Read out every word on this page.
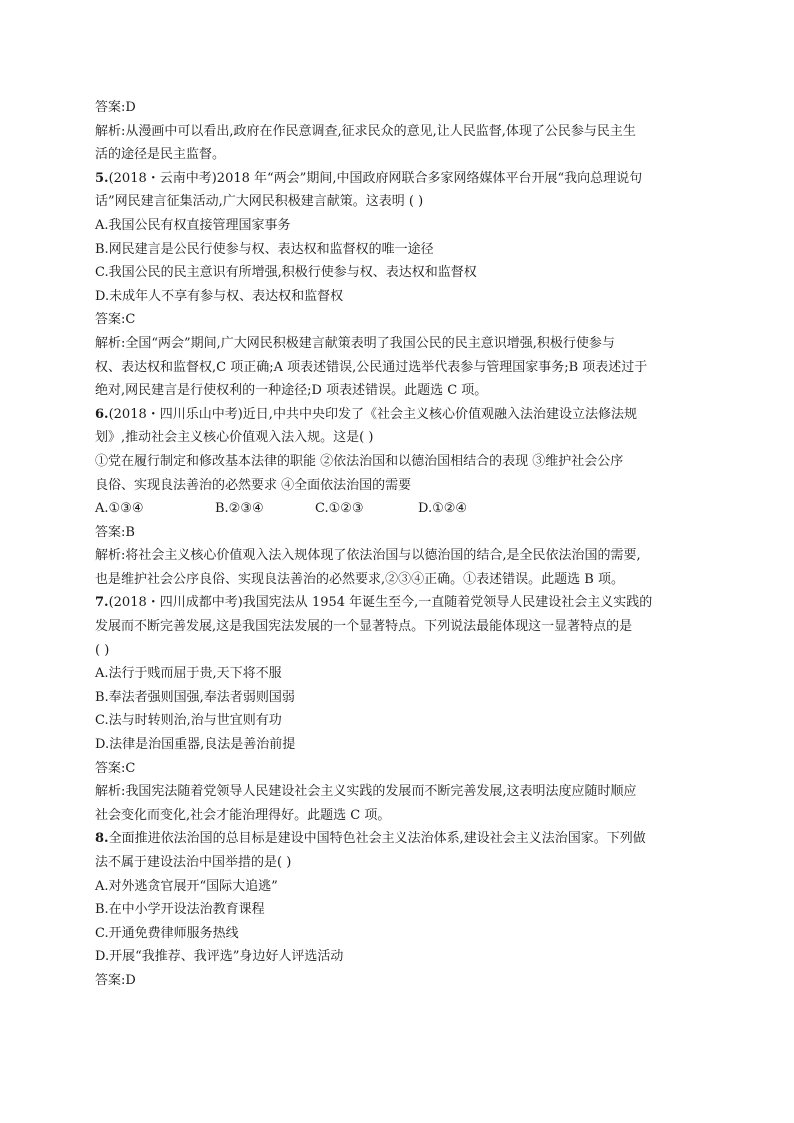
答案:D
解析:从漫画中可以看出,政府在作民意调查,征求民众的意见,让人民监督,体现了公民参与民主生
活的途径是民主监督。
5.(2018・云南中考)2018 年“两会”期间,中国政府网联合多家网络媒体平台开展“我向总理说句
话”网民建言征集活动,广大网民积极建言献策。这表明 ( )
A.我国公民有权直接管理国家事务
B.网民建言是公民行使参与权、表达权和监督权的唯一途径
C.我国公民的民主意识有所增强,积极行使参与权、表达权和监督权
D.未成年人不享有参与权、表达权和监督权
答案:C
解析:全国“两会”期间,广大网民积极建言献策表明了我国公民的民主意识增强,积极行使参与
权、表达权和监督权,C 项正确;A 项表述错误,公民通过选举代表参与管理国家事务;B 项表述过于
绝对,网民建言是行使权利的一种途径;D 项表述错误。此题选 C 项。
6.(2018・四川乐山中考)近日,中共中央印发了《社会主义核心价值观融入法治建设立法修法规
划》,推动社会主义核心价值观入法入规。这是( )
①党在履行制定和修改基本法律的职能 ②依法治国和以德治国相结合的表现 ③维护社会公序
良俗、实现良法善治的必然要求 ④全面依法治国的需要
A.①③④	B.②③④	C.①②③	D.①②④
答案:B
解析:将社会主义核心价值观入法入规体现了依法治国与以德治国的结合,是全民依法治国的需要,
也是维护社会公序良俗、实现良法善治的必然要求,②③④正确。①表述错误。此题选 B 项。
7.(2018・四川成都中考)我国宪法从 1954 年诞生至今,一直随着党领导人民建设社会主义实践的
发展而不断完善发展,这是我国宪法发展的一个显著特点。下列说法最能体现这一显著特点的是
( )
A.法行于贱而屈于贵,天下将不服
B.奉法者强则国强,奉法者弱则国弱
C.法与时转则治,治与世宜则有功
D.法律是治国重器,良法是善治前提
答案:C
解析:我国宪法随着党领导人民建设社会主义实践的发展而不断完善发展,这表明法度应随时顺应
社会变化而变化,社会才能治理得好。此题选 C 项。
8.全面推进依法治国的总目标是建设中国特色社会主义法治体系,建设社会主义法治国家。下列做
法不属于建设法治中国举措的是( )
A.对外逃贪官展开“国际大追逃”
B.在中小学开设法治教育课程
C.开通免费律师服务热线
D.开展“我推荐、我评选”身边好人评选活动
答案:D
